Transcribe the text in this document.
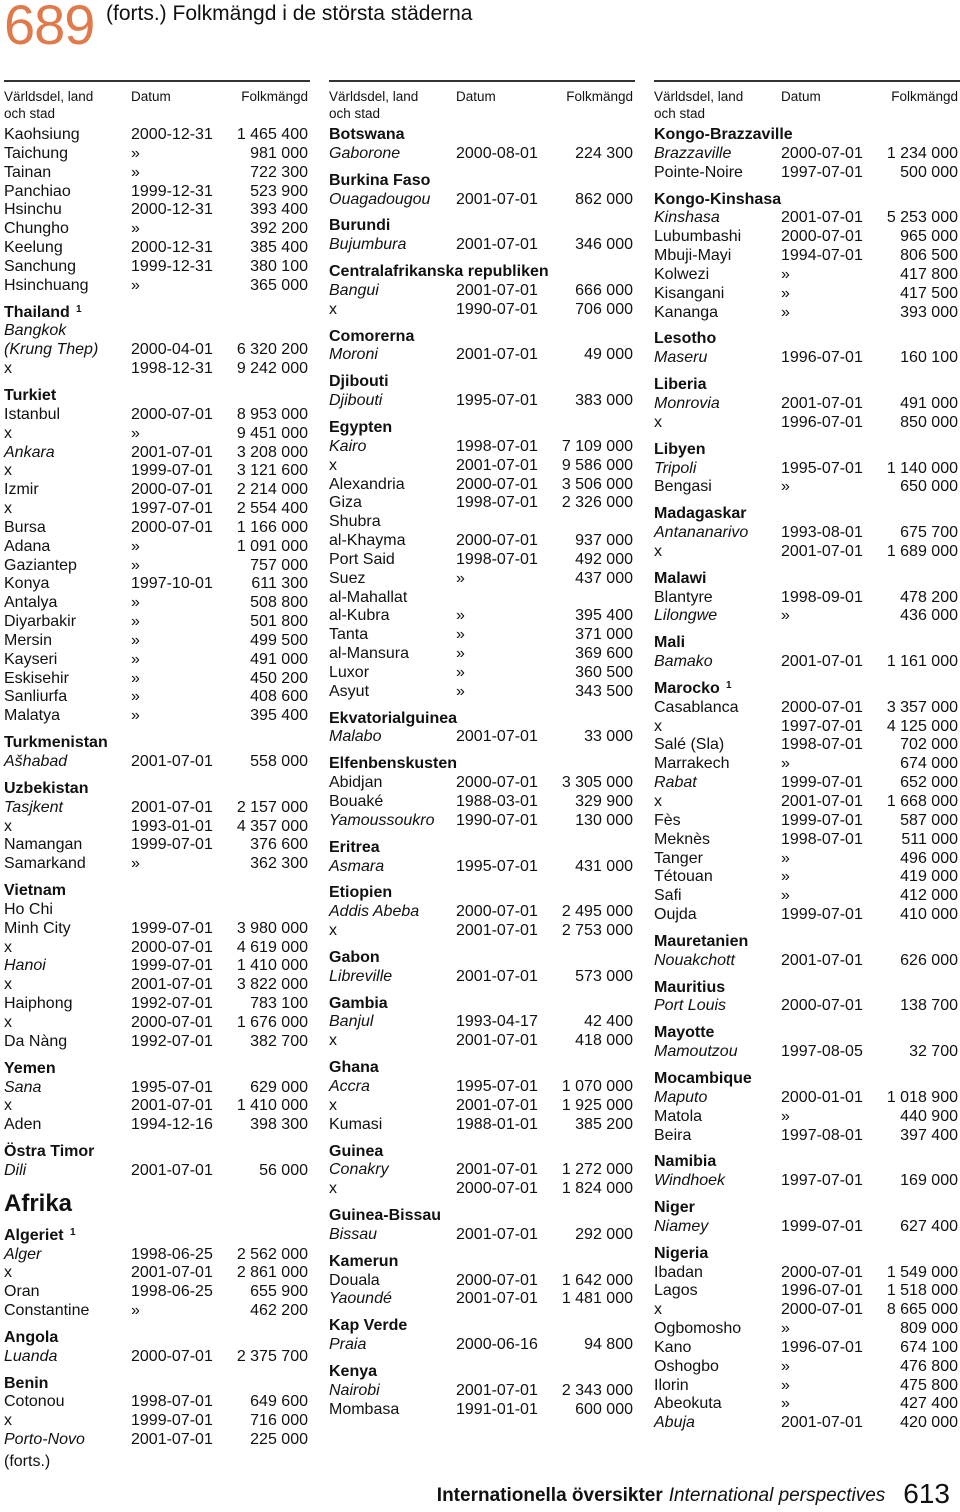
689 (forts.) Folkmängd i de största städerna
Världsdel, land
och stad
Datum	Folkmängd
Kaohsiung	2000-12-31 1 465 400
Taichung	»	981 000
Tainan	»	722 300
Panchiao	1999-12-31 523 900
Hsinchu	2000-12-31 393 400
Chungho	»	392 200
Keelung	2000-12-31 385 400
Sanchung	1999-12-31 380 100
Hsinchuang	»	365 000
Thailand 1
Bangkok
(Krung Thep) 2000-04-01 6 320 200
x	1998-12-31 9 242 000
Turkiet
Istanbul	2000-07-01 8 953 000
x	»	9 451 000
Ankara	2001-07-01 3 208 000
x	1999-07-01 3 121 600
Izmir	2000-07-01 2 214 000
x	1997-07-01 2 554 400
Bursa	2000-07-01 1 166 000
Adana	»	1 091 000
Gaziantep	»	757 000
Konya	1997-10-01 611 300
Antalya	»	508 800
Diyarbakir	»	501 800
Mersin	»	499 500
Kayseri	»	491 000
Eskisehir	»	450 200
Sanliurfa	»	408 600
Malatya	»	395 400
Turkmenistan
Ašhabad	2001-07-01 558 000
Uzbekistan
Tasjkent	2001-07-01 2 157 000
x	1993-01-01 4 357 000
Namangan	1999-07-01 376 600
Samarkand	»	362 300
Vietnam
Ho Chi
Minh City	1999-07-01 3 980 000
x	2000-07-01 4 619 000
Hanoi	1999-07-01 1 410 000
x	2001-07-01 3 822 000
Haiphong	1992-07-01 783 100
x	2000-07-01 1 676 000
Da Nàng	1992-07-01 382 700
Yemen
Sana	1995-07-01 629 000
x	2001-07-01 1 410 000
Aden	1994-12-16 398 300
Östra Timor
Dili	2001-07-01	56 000
Afrika
Algeriet 1
Alger	1998-06-25 2 562 000
x	2001-07-01 2 861 000
Oran	1998-06-25 655 900
Constantine	»	462 200
Angola
Luanda	2000-07-01 2 375 700
Benin
Cotonou	1998-07-01 649 600
x	1999-07-01 716 000
Porto-Novo	2001-07-01 225 000
(forts.)
Världsdel, land
och stad
Datum	Folkmängd
Botswana
Gaborone	2000-08-01 224 300
Burkina Faso
Ouagadougou 2001-07-01 862 000
Burundi
Bujumbura	2001-07-01 346 000
Centralafrikanska republiken
Bangui	2001-07-01 666 000
x	1990-07-01 706 000
Comorerna
Moroni	2001-07-01	49 000
Djibouti
Djibouti	1995-07-01 383 000
Egypten
Kairo	1998-07-01 7 109 000
x	2001-07-01 9 586 000
Alexandria	2000-07-01 3 506 000
Giza	1998-07-01 2 326 000
Shubra
al-Khayma	2000-07-01 937 000
Port Said	1998-07-01 492 000
Suez	»	437 000
al-Mahallat
al-Kubra	»	395 400
Tanta	»	371 000
al-Mansura	»	369 600
Luxor	»	360 500
Asyut	»	343 500
Ekvatorialguinea
Malabo	2001-07-01	33 000
Elfenbenskusten
Abidjan	2000-07-01 3 305 000
Bouaké	1988-03-01 329 900
Yamoussoukro 1990-07-01 130 000
Eritrea
Asmara	1995-07-01 431 000
Etiopien
Addis Abeba 2000-07-01 2 495 000
x	2001-07-01 2 753 000
Gabon
Libreville	2001-07-01 573 000
Gambia
Banjul	1993-04-17	42 400
x	2001-07-01 418 000
Ghana
Accra	1995-07-01 1 070 000
x	2001-07-01 1 925 000
Kumasi	1988-01-01 385 200
Guinea
Conakry	2001-07-01 1 272 000
x	2000-07-01 1 824 000
Guinea-Bissau
Bissau	2001-07-01 292 000
Kamerun
Douala	2000-07-01 1 642 000
Yaoundé	2001-07-01 1 481 000
Kap Verde
Praia	2000-06-16	94 800
Kenya
Nairobi	2001-07-01 2 343 000
Mombasa	1991-01-01 600 000
Världsdel, land
och stad
Datum	Folkmängd
Kongo-Brazzaville
Brazzaville	2000-07-01 1 234 000
Pointe-Noire 1997-07-01 500 000
Kongo-Kinshasa
Kinshasa	2001-07-01 5 253 000
Lubumbashi 2000-07-01 965 000
Mbuji-Mayi	1994-07-01 806 500
Kolwezi	»	417 800
Kisangani	»	417 500
Kananga	»	393 000
Lesotho
Maseru	1996-07-01 160 100
Liberia
Monrovia	2001-07-01 491 000
x	1996-07-01 850 000
Libyen
Tripoli	1995-07-01 1 140 000
Bengasi	»	650 000
Madagaskar
Antananarivo 1993-08-01 675 700
x	2001-07-01 1 689 000
Malawi
Blantyre	1998-09-01 478 200
Lilongwe	»	436 000
Mali
Bamako	2001-07-01 1 161 000
Marocko 1
Casablanca	2000-07-01 3 357 000
x	1997-07-01 4 125 000
Salé (Sla)	1998-07-01 702 000
Marrakech	»	674 000
Rabat	1999-07-01 652 000
x	2001-07-01 1 668 000
Fès	1999-07-01 587 000
Meknès	1998-07-01 511 000
Tanger	»	496 000
Tétouan	»	419 000
Safi	»	412 000
Oujda	1999-07-01 410 000
Mauretanien
Nouakchott	2001-07-01 626 000
Mauritius
Port Louis	2000-07-01 138 700
Mayotte
Mamoutzou	1997-08-05	32 700
Mocambique
Maputo	2000-01-01 1 018 900
Matola	»	440 900
Beira	1997-08-01 397 400
Namibia
Windhoek	1997-07-01 169 000
Niger
Niamey	1999-07-01 627 400
Nigeria
Ibadan	2000-07-01 1 549 000
Lagos	1996-07-01 1 518 000
x	2000-07-01 8 665 000
Ogbomosho »	809 000
Kano	1996-07-01 674 100
Oshogbo	»	476 800
Ilorin	»	475 800
Abeokuta	»	427 400
Abuja	2001-07-01 420 000
Internationella översikter International perspectives 613
